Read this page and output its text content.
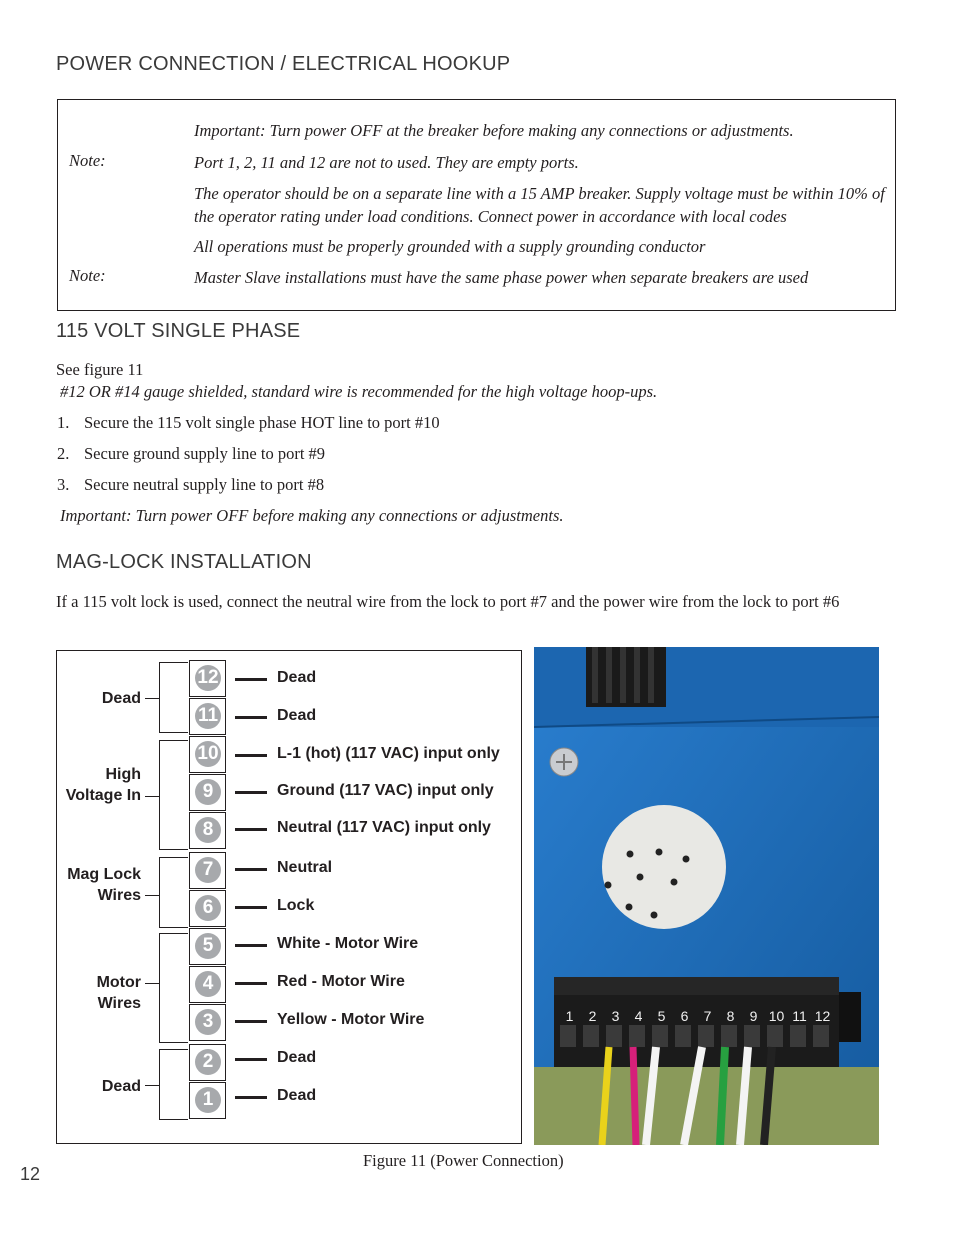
POWER CONNECTION / ELECTRICAL HOOKUP
Important: Turn power OFF at the breaker before making any connections or adjustments.
Note:	Port 1, 2, 11 and 12 are not to used. They are empty ports.
The operator should be on a separate line with a 15 AMP breaker. Supply voltage must be within 10% of the operator rating under load conditions. Connect power in accordance with local codes
All operations must be properly grounded with a supply grounding conductor
Note:	Master Slave installations must have the same phase power when separate breakers are used
115 VOLT SINGLE PHASE
See figure 11
#12 OR #14 gauge shielded, standard wire is recommended for the high voltage hoop-ups.
1. Secure the 115 volt single phase HOT line to port #10
2. Secure ground supply line to port #9
3. Secure neutral supply line to port #8
Important: Turn power OFF before making any connections or adjustments.
MAG-LOCK INSTALLATION
If a 115 volt lock is used, connect the neutral wire from the lock to port #7 and the power wire from the lock to port #6
Dead
High Voltage In
Mag Lock Wires
Motor Wires
Dead
12	Dead
11	Dead
10	L-1 (hot) (117 VAC) input only
9	Ground (117 VAC) input only
8	Neutral (117 VAC) input only
7	Neutral
6	Lock
5	White - Motor Wire
4	Red - Motor Wire
3	Yellow - Motor Wire
2	Dead
1	Dead
1	2	3	4	5	6	7	8	9 10 11 12
Figure 11 (Power Connection)
12
